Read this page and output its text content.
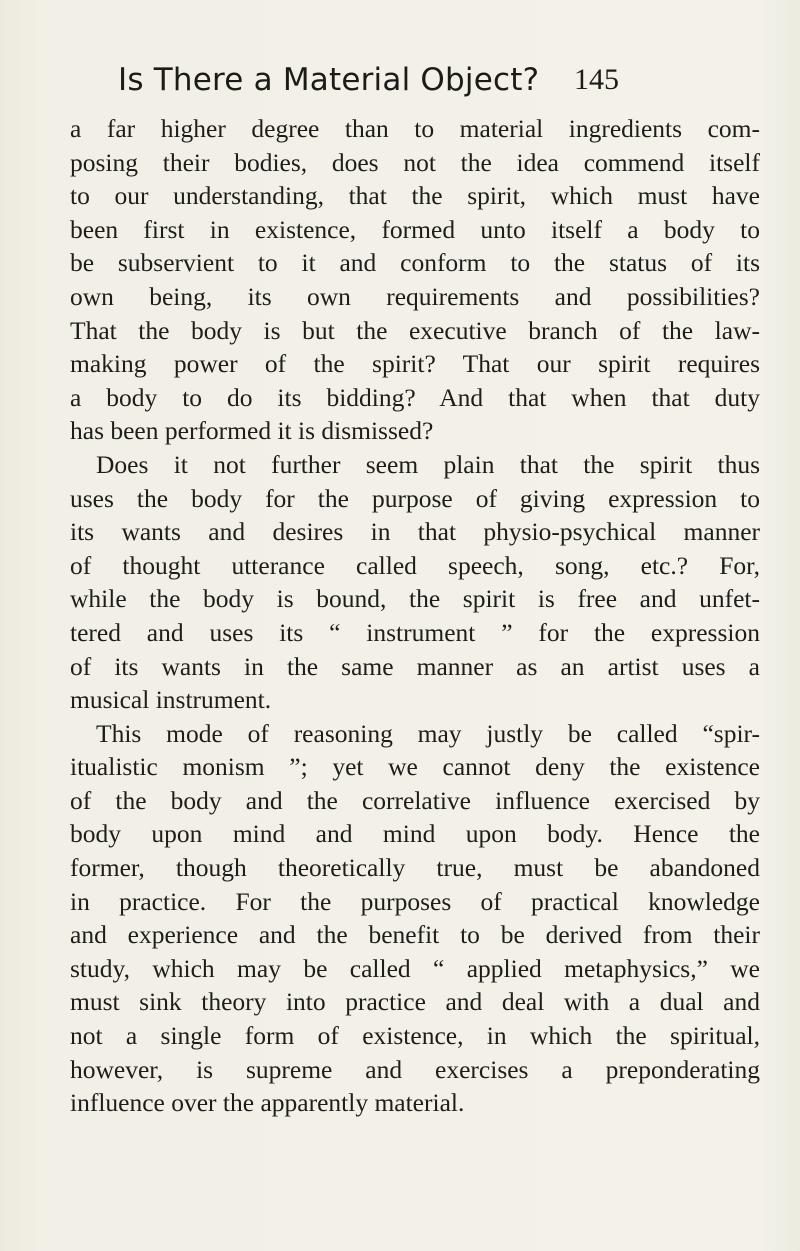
Is There a Material Object? 145
a far higher degree than to material ingredients com-
posing their bodies, does not the idea commend itself
to our understanding, that the spirit, which must have
been first in existence, formed unto itself a body to
be subservient to it and conform to the status of its
own being, its own requirements and possibilities?
That the body is but the executive branch of the law-
making power of the spirit? That our spirit requires
a body to do its bidding? And that when that duty
has been performed it is dismissed?
Does it not further seem plain that the spirit thus
uses the body for the purpose of giving expression to
its wants and desires in that physio-psychical manner
of thought utterance called speech, song, etc.? For,
while the body is bound, the spirit is free and unfet-
tered and uses its “ instrument ” for the expression
of its wants in the same manner as an artist uses a
musical instrument.
This mode of reasoning may justly be called “spir-
itualistic monism ”; yet we cannot deny the existence
of the body and the correlative influence exercised by
body upon mind and mind upon body. Hence the
former, though theoretically true, must be abandoned
in practice. For the purposes of practical knowledge
and experience and the benefit to be derived from their
study, which may be called “ applied metaphysics,” we
must sink theory into practice and deal with a dual and
not a single form of existence, in which the spiritual,
however, is supreme and exercises a preponderating
influence over the apparently material.
